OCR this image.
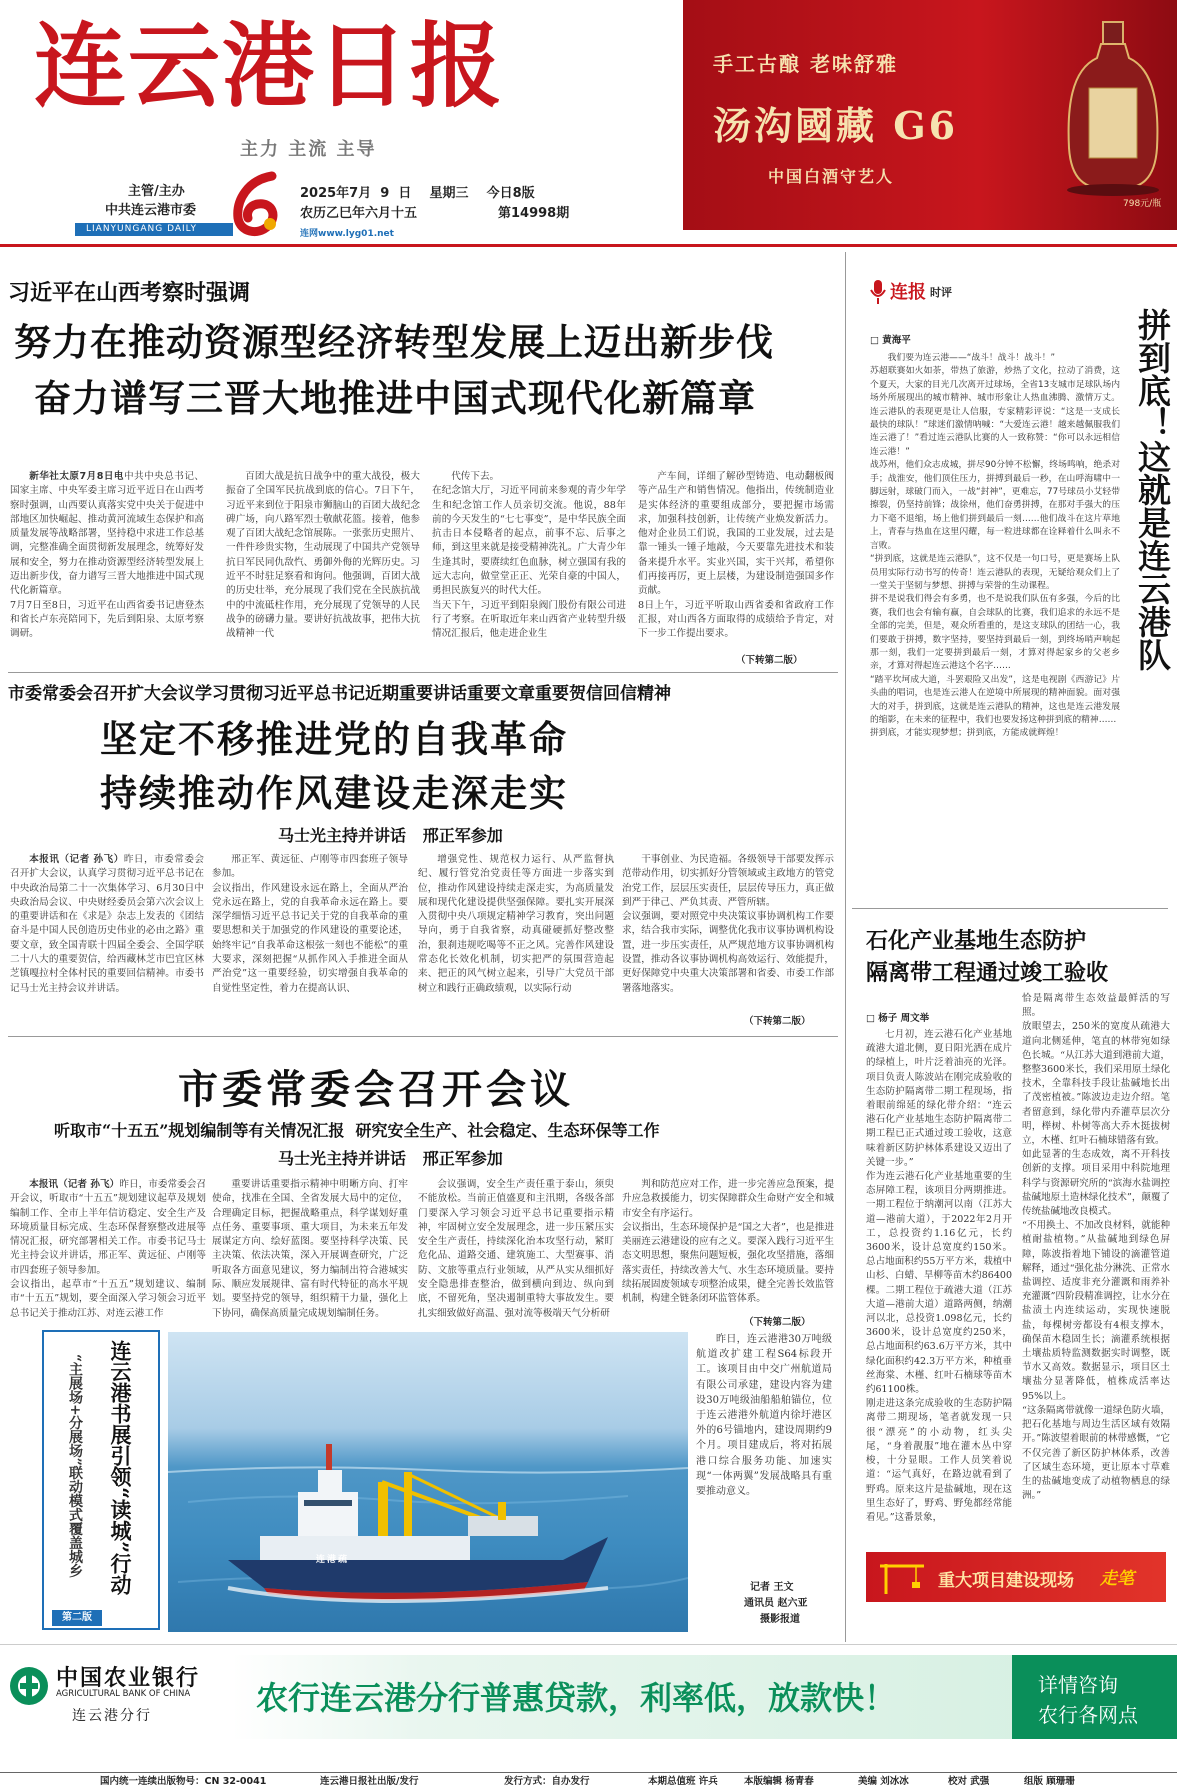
连云港日报
主力 主流 主导
主管/主办
中共连云港市委
LIANYUNGANG DAILY
2025年7月  9  日    星期三    今日8版
农历乙巳年六月十五	第14998期
连网www.lyg01.net
手工古酿 老味舒雅
汤沟國藏 G6
中国白酒守艺人
798元/瓶
习近平在山西考察时强调
努力在推动资源型经济转型发展上迈出新步伐
奋力谱写三晋大地推进中国式现代化新篇章
新华社太原7月8日电中共中央总书记、国家主席、中央军委主席习近平近日在山西考察时强调，山西要认真落实党中央关于促进中部地区加快崛起、推动黄河流域生态保护和高质量发展等战略部署，坚持稳中求进工作总基调，完整准确全面贯彻新发展理念，统筹好发展和安全，努力在推动资源型经济转型发展上迈出新步伐，奋力谱写三晋大地推进中国式现代化新篇章。
7月7日至8日，习近平在山西省委书记唐登杰和省长卢东亮陪同下，先后到阳泉、太原考察调研。
百团大战是抗日战争中的重大战役，极大振奋了全国军民抗战到底的信心。7日下午，习近平来到位于阳泉市狮脑山的百团大战纪念碑广场，向八路军烈士敬献花篮。接着，他参观了百团大战纪念馆展陈。一张张历史照片、一件件珍贵实物，生动展现了中国共产党领导抗日军民同仇敌忾、勇御外侮的光辉历史。习近平不时驻足察看和询问。他强调，百团大战的历史壮举，充分展现了我们党在全民族抗战中的中流砥柱作用，充分展现了党领导的人民战争的磅礴力量。要讲好抗战故事，把伟大抗战精神一代
代传下去。
在纪念馆大厅，习近平同前来参观的青少年学生和纪念馆工作人员亲切交流。他说，88年前的今天发生的“七七事变”，是中华民族全面抗击日本侵略者的起点，前事不忘、后事之师，到这里来就是接受精神洗礼。广大青少年生逢其时，要赓续红色血脉，树立强国有我的远大志向，做堂堂正正、光荣自豪的中国人，勇担民族复兴的时代大任。
当天下午，习近平到阳泉阀门股份有限公司进行了考察。在听取近年来山西省产业转型升级情况汇报后，他走进企业生
产车间，详细了解砂型铸造、电动翻板阀等产品生产和销售情况。他指出，传统制造业是实体经济的重要组成部分，要把握市场需求，加强科技创新，让传统产业焕发新活力。他对企业员工们说，我国的工业发展，过去是靠一锤头一锤子地敲，今天要靠先进技术和装备来提升水平。实业兴国，实干兴邦，希望你们再接再厉，更上层楼，为建设制造强国多作贡献。
8日上午，习近平听取山西省委和省政府工作汇报，对山西各方面取得的成绩给予肯定，对下一步工作提出要求。
（下转第二版）
市委常委会召开扩大会议学习贯彻习近平总书记近期重要讲话重要文章重要贺信回信精神
坚定不移推进党的自我革命
持续推动作风建设走深走实
马士光主持并讲话   邢正军参加
本报讯（记者 孙飞）昨日，市委常委会召开扩大会议，认真学习贯彻习近平总书记在中央政治局第二十一次集体学习、6月30日中央政治局会议、中央财经委员会第六次会议上的重要讲话和在《求是》杂志上发表的《团结奋斗是中国人民创造历史伟业的必由之路》重要文章，致全国青联十四届全委会、全国学联二十八大的重要贺信，给西藏林芝市巴宜区林芝镇嘎拉村全体村民的重要回信精神。市委书记马士光主持会议并讲话。
邢正军、黄远征、卢刚等市四套班子领导参加。
会议指出，作风建设永远在路上，全面从严治党永远在路上，党的自我革命永远在路上。要深学细悟习近平总书记关于党的自我革命的重要思想和关于加强党的作风建设的重要论述，始终牢记“自我革命这根弦一刻也不能松”的重大要求，深刻把握“从抓作风入手推进全面从严治党”这一重要经验，切实增强自我革命的自觉性坚定性，着力在提高认识、
增强党性、规范权力运行、从严监督执纪、履行管党治党责任等方面进一步落实到位，推动作风建设持续走深走实，为高质量发展和现代化建设提供坚强保障。要扎实开展深入贯彻中央八项规定精神学习教育，突出问题导向，勇于自我省察，动真碰硬抓好整改整治，狠刹违规吃喝等不正之风。完善作风建设常态化长效化机制，切实把严的氛围营造起来、把正的风气树立起来，引导广大党员干部树立和践行正确政绩观，以实际行动
干事创业、为民造福。各级领导干部要发挥示范带动作用，切实抓好分管领域或主政地方的管党治党工作，层层压实责任，层层传导压力，真正做到严于律己、严负其责、严管所辖。
会议强调，要对照党中央决策议事协调机构工作要求，结合我市实际，调整优化我市议事协调机构设置，进一步压实责任，从严规范地方议事协调机构设置，推动各议事协调机构高效运行、效能提升，更好保障党中央重大决策部署和省委、市委工作部署落地落实。
（下转第二版）
市委常委会召开会议
听取市“十五五”规划编制等有关情况汇报  研究安全生产、社会稳定、生态环保等工作
马士光主持并讲话   邢正军参加
本报讯（记者 孙飞）昨日，市委常委会召开会议，听取市“十五五”规划建议起草及规划编制工作、全市上半年信访稳定、安全生产及环境质量目标完成、生态环保督察整改进展等情况汇报，研究部署相关工作。市委书记马士光主持会议并讲话，邢正军、黄远征、卢刚等市四套班子领导参加。
会议指出，起草市“十五五”规划建议、编制市“十五五”规划，要全面深入学习领会习近平总书记关于推动江苏、对连云港工作
重要讲话重要指示精神中明晰方向、打牢使命，找准在全国、全省发展大局中的定位，合理确定目标，把握战略重点，科学谋划好重点任务、重要事项、重大项目，为未来五年发展谋定方向、绘好蓝图。要坚持科学决策、民主决策、依法决策，深入开展调查研究，广泛听取各方面意见建议，努力编制出符合港城实际、顺应发展规律、富有时代特征的高水平规划。要坚持党的领导，组织精干力量，强化上下协同，确保高质量完成规划编制任务。
会议强调，安全生产责任重于泰山，须臾不能放松。当前正值盛夏和主汛期，各级各部门要深入学习领会习近平总书记重要指示精神，牢固树立安全发展理念，进一步压紧压实安全生产责任，持续深化治本攻坚行动，紧盯危化品、道路交通、建筑施工、大型赛事、消防、文旅等重点行业领域，从严从实从细抓好安全隐患排查整治，做到横向到边、纵向到底，不留死角，坚决遏制重特大事故发生。要扎实细致做好高温、强对流等极端天气分析研
判和防范应对工作，进一步完善应急预案，提升应急救援能力，切实保障群众生命财产安全和城市安全有序运行。
会议指出，生态环境保护是“国之大者”，也是推进美丽连云港建设的应有之义。要深入践行习近平生态文明思想，聚焦问题短板，强化攻坚措施，落细落实责任，持续改善大气、水生态环境质量。要持续拓展固废领域专项整治成果，健全完善长效监管机制，构建全链条闭环监管体系。
（下转第二版）
连云港书展引领“读城”行动
“主展场+分展场”联动模式覆盖城乡
第二版
连港疏
昨日，连云港港30万吨级航道改扩建工程S64标段开工。该项目由中交广州航道局有限公司承建，建设内容为建设30万吨级油船船舶锚位，位于连云港港外航道内徐圩港区外的6号锚地内，建设周期约9个月。项目建成后，将对拓展港口综合服务功能、加速实现“一体两翼”发展战略具有重要推动意义。
记者 王文
通讯员 赵六亚
摄影报道
连报 时评
□ 黄海平
我们要为连云港——“战斗！战斗！战斗！”
苏超联赛如火如荼，带热了旅游，炒热了文化，拉动了消费，这个夏天，大家的目光几次离开过球场，全省13支城市足球队场内场外所展现出的城市精神、城市形象让人热血沸腾、激情万丈。连云港队的表现更是让人信服，专家精彩评说：“这是一支成长最快的球队！”球迷们激情呐喊：“大爱连云港！越来越佩服我们连云港了！”看过连云港队比赛的人一致称赞：“你可以永远相信连云港！”
战苏州，他们众志成城，拼尽90分钟不松懈，终场鸣响，绝杀对手；战淮安，他们顶住压力，拼搏到最后一秒，在山呼海啸中一脚远射，球破门而入，一战“封神”，更难忘，77号球员小艾轻带擦裂，仍坚持前锋；战徐州，他们奋勇拼搏，在那对手强大的压力下毫不退缩，场上他们拼到最后一刻……他们战斗在这片草地上，青春与热血在这里闪耀，每一粒进球都在诠释着什么叫永不言败。
“拼到底，这就是连云港队”，这不仅是一句口号，更是赛场上队员用实际行动书写的传奇！连云港队的表现，无疑给观众们上了一堂关于坚韧与梦想、拼搏与荣誉的生动课程。
拼不是说我们得会有多勇，也不是说我们队伍有多强，今后的比赛，我们也会有输有赢，自会球队的比赛，我们追求的永远不是全部的完美，但是，观众所看重的，是这支球队的团结一心，我们要敢于拼搏，数字坚持，要坚持到最后一刻，到终场哨声响起那一刻，我们一定要拼到最后一刻，才算对得起家乡的父老乡亲，才算对得起连云港这个名字……
“踏平坎坷成大道，斗罢艰险又出发”，这是电视剧《西游记》片头曲的唱词，也是连云港人在逆境中所展现的精神面貌。面对强大的对手，拼到底，这就是连云港队的精神，这也是连云港发展的缩影，在未来的征程中，我们也要发扬这种拼到底的精神……
拼到底，才能实现梦想；拼到底，方能成就辉煌！
拼到底！这就是连云港队
石化产业基地生态防护
隔离带工程通过竣工验收
□ 杨子 周文举
七月初，连云港石化产业基地疏港大道北侧，夏日阳光洒在成片的绿植上，叶片泛着油亮的光泽。项目负责人陈波站在刚完成验收的生态防护隔离带二期工程现场，指着眼前绵延的绿化带介绍：“连云港石化产业基地生态防护隔离带二期工程已正式通过竣工验收，这意味着新区防护林体系建设又迈出了关键一步。”
作为连云港石化产业基地重要的生态屏障工程，该项目分两期推进。一期工程位于纳潮河以南（江苏大道—港前大道），于2022年2月开工，总投资约1.16亿元，长约3600米，设计总宽度约150米。总占地面积约55万平方米，栽植中山杉、白蜡、旱柳等苗木约86400棵。二期工程位于疏港大道（江苏大道—港前大道）道路两侧，纳潮河以北，总投资1.098亿元，长约3600米，设计总宽度约250米，总占地面积约63.6万平方米，其中绿化面积约42.3万平方米，种植垂丝海棠、木槿、红叶石楠球等苗木约61100株。
刚走进这条完成验收的生态防护隔离带二期现场，笔者就发现一只很“漂亮”的小动物，红头尖尾，“身着靓服”地在灌木丛中穿梭，十分显眼。工作人员笑着说道：“运气真好，在路边就看到了野鸡。原来这片是盐碱地，现在这里生态好了，野鸡、野兔都经常能看见。”这番景象，
恰是隔离带生态效益最鲜活的写照。
放眼望去，250米的宽度从疏港大道向北侧延伸，笔直的林带宛如绿色长城。“从江苏大道到港前大道，整整3600米长，我们采用原土绿化技术，全靠科技手段让盐碱地长出了茂密植被。”陈波边走边介绍。笔者留意到，绿化带内乔灌草层次分明，榉树、朴树等高大乔木挺拔树立，木槿、红叶石楠球错落有致。
如此显著的生态成效，离不开科技创新的支撑。项目采用中科院地理科学与资源研究所的“滨海水盐调控盐碱地原土造林绿化技术”，颠覆了传统盐碱地改良模式。
“不用换土、不加改良材料，就能种植耐盐植物。”从盐碱地到绿色屏障，陈波指着地下铺设的滴灌管道解释，通过“强化盐分淋洗、正常水盐调控、适度非充分灌溉和雨养补充灌溉”四阶段精准调控，让水分在盐渍土内连续运动，实现快速脱盐，每棵树旁都设有4根支撑木，确保苗木稳固生长；滴灌系统根据土壤盐质特监测数据实时调整，既节水又高效。数据显示，项目区土壤盐分显著降低，植株成活率达95%以上。
“这条隔离带就像一道绿色防火墙，把石化基地与周边生活区域有效隔开。”陈波望着眼前的林带感慨，“它不仅完善了新区防护林体系，改善了区域生态环境，更让原本寸草难生的盐碱地变成了动植物栖息的绿洲。”
重大项目建设现场 走笔
中国农业银行
AGRICULTURAL BANK OF CHINA
连云港分行	农行连云港分行普惠贷款，利率低，放款快！	详情咨询
农行各网点
国内统一连续出版物号：CN 32-0041	连云港日报社出版/发行	发行方式：自办发行	本期总值班 许兵	本版编辑 杨青春	美编 刘冰冰	校对 武强	组版 顾珊珊
